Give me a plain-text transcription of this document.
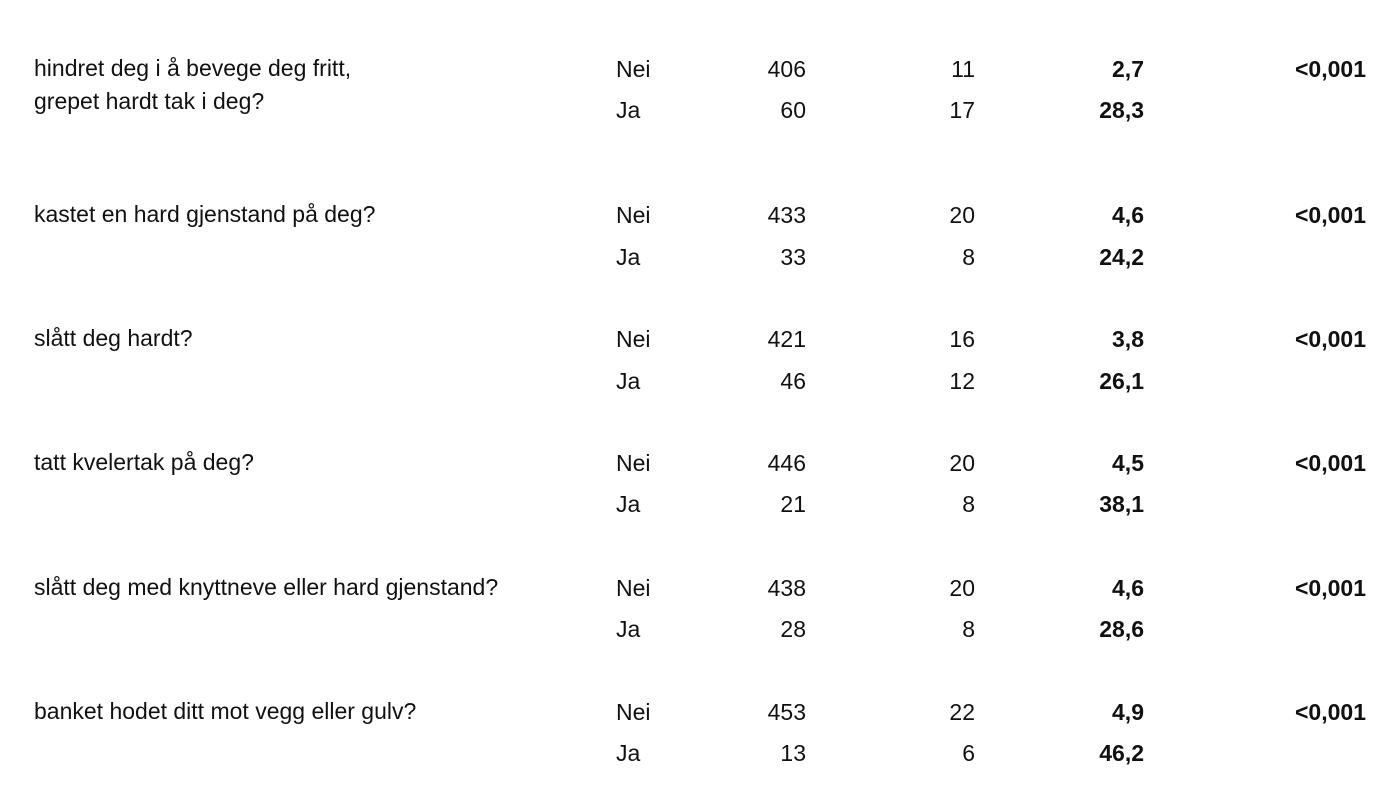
hindret deg i å bevege deg fritt,
grepet hardt tak i deg?
Nei	406	11	2,7	<0,001
Ja	60	17	28,3
kastet en hard gjenstand på deg?	Nei	433	20	4,6	<0,001
Ja	33	8	24,2
slått deg hardt?	Nei	421	16	3,8	<0,001
Ja	46	12	26,1
tatt kvelertak på deg?	Nei	446	20	4,5	<0,001
Ja	21	8	38,1
slått deg med knyttneve eller hard gjenstand?	Nei	438	20	4,6	<0,001
Ja	28	8	28,6
banket hodet ditt mot vegg eller gulv?	Nei	453	22	4,9	<0,001
Ja	13	6	46,2
